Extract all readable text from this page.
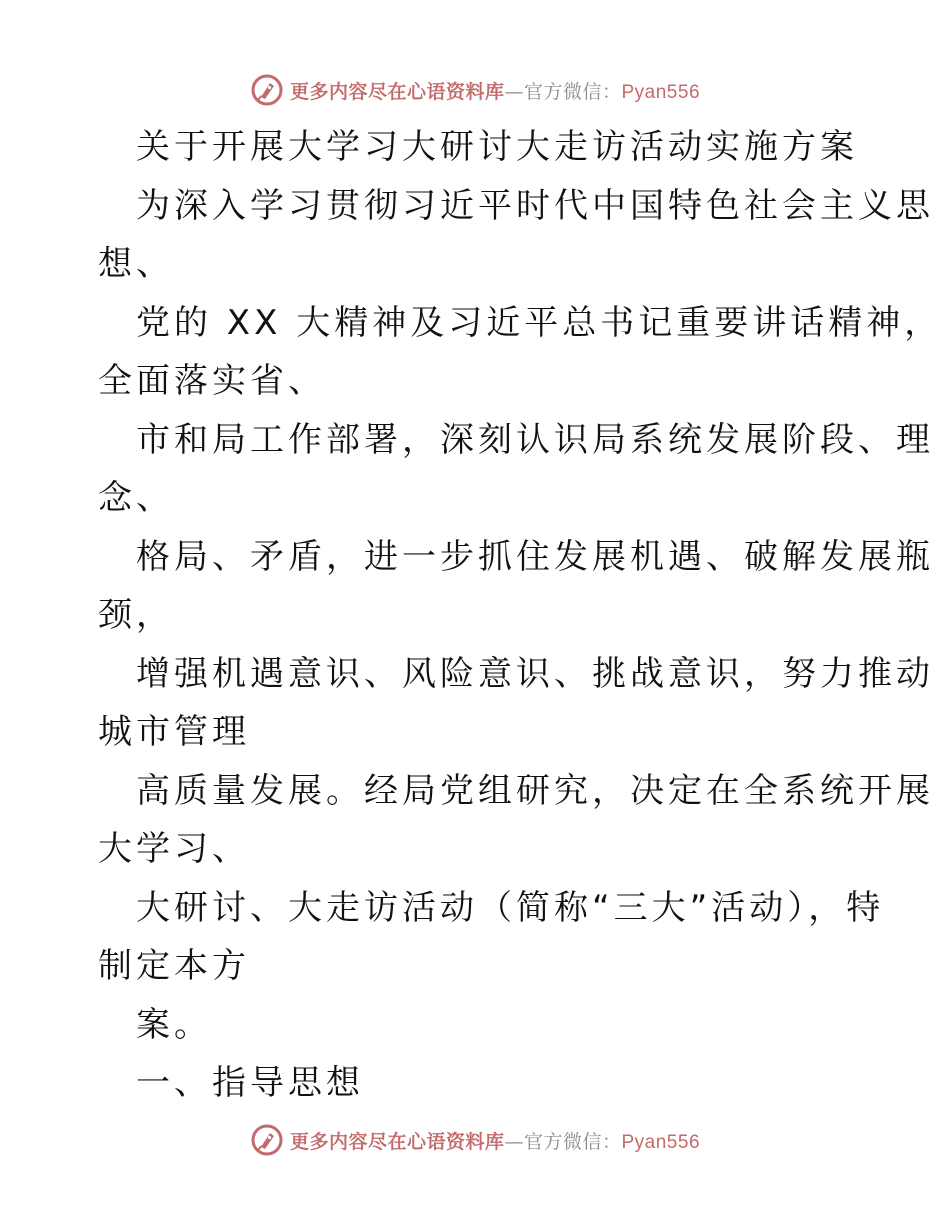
更多内容尽在心语资料库—官方微信：Pyan556
关于开展大学习大研讨大走访活动实施方案
为深入学习贯彻习近平时代中国特色社会主义思
想、
党的 XX 大精神及习近平总书记重要讲话精神，
全面落实省、
市和局工作部署，深刻认识局系统发展阶段、理
念、
格局、矛盾，进一步抓住发展机遇、破解发展瓶
颈，
增强机遇意识、风险意识、挑战意识，努力推动
城市管理
高质量发展。经局党组研究，决定在全系统开展
大学习、
大研讨、大走访活动（简称“三大”活动），特
制定本方
案。
一、指导思想
更多内容尽在心语资料库—官方微信：Pyan556
